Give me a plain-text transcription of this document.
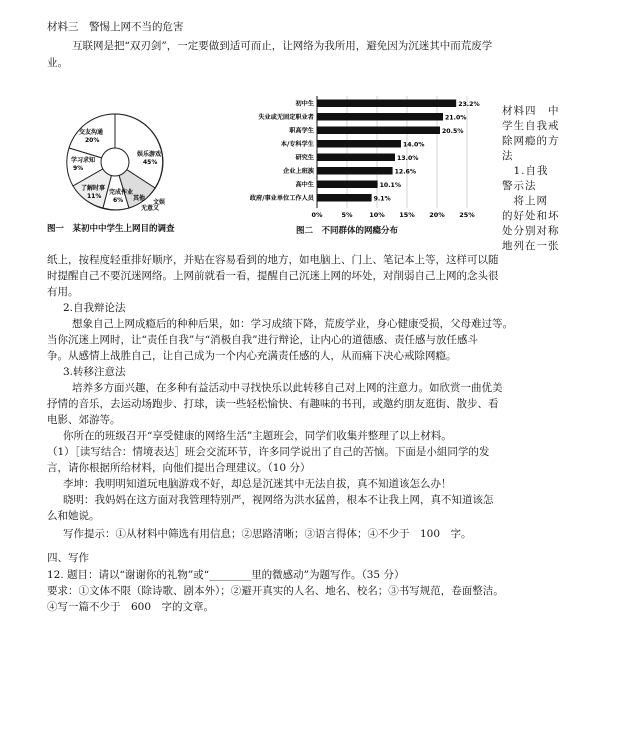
材料三　警惕上网不当的危害
互联网是把“双刃剑”，一定要做到适可而止，让网络为我所用，避免因为沉迷其中而荒废学
业。
娱乐游戏
45%
交友沟通
20%
学习求知
9%
了解时事
11%
完成作业
6% 其他
无意义
文娱
图一　某初中中学生上网目的调查
初中生	23.2%
失业或无固定职业者	21.0%
职高学生	20.5%
本/专科学生	14.0%
研究生	13.0%
企业上班族	12.6%
高中生	10.1%
政府/事业单位工作人员	9.1%
0%	5%	10% 15% 20% 25%
图二　不同群体的网瘾分布
材料四　中
学生自我戒
除网瘾的方
法
　1.自我
警示法
　将上网
的好处和坏
处分别对称
地列在一张
纸上，按程度轻重排好顺序，并贴在容易看到的地方，如电脑上、门上、笔记本上等，这样可以随
时提醒自己不要沉迷网络。上网前就看一看，提醒自己沉迷上网的坏处，对削弱自己上网的念头很
有用。
2.自我辩论法
想象自己上网成瘾后的种种后果，如：学习成绩下降，荒废学业，身心健康受损，父母难过等。
当你沉迷上网时，让“责任自我”与“消极自我”进行辩论，让内心的道德感、责任感与放任感斗
争。从感情上战胜自己，让自己成为一个内心充满责任感的人，从而痛下决心戒除网瘾。
3.转移注意法
培养多方面兴趣，在多种有益活动中寻找快乐以此转移自己对上网的注意力。如欣赏一曲优美
抒情的音乐，去运动场跑步、打球，读一些轻松愉快、有趣味的书刊，或邀约朋友逛街、散步、看
电影、郊游等。
你所在的班级召开“享受健康的网络生活”主题班会，同学们收集并整理了以上材料。
（1）［读写结合：情境表达］班会交流环节，许多同学说出了自己的苦恼。下面是小組同学的发
言，请你根据所给材料，向他们提出合理建议。（10 分）
李坤：我明明知道玩电脑游戏不好，却总是沉迷其中无法自拔，真不知道该怎么办！
晓明：我妈妈在这方面对我管理特别严，视网络为洪水猛兽，根本不让我上网，真不知道该怎
么和她说。
写作提示：①从材料中筛选有用信息；②思路清晰；③语言得体；④不少于　100　字。
四、写作
12. 题目：请以“谢谢你的礼物”或“________里的微感动”为题写作。（35 分）
要求：①文体不限（除诗歌、剧本外）；②避开真实的人名、地名、校名；③书写规范，卷面整洁。
④写一篇不少于　600　字的文章。
